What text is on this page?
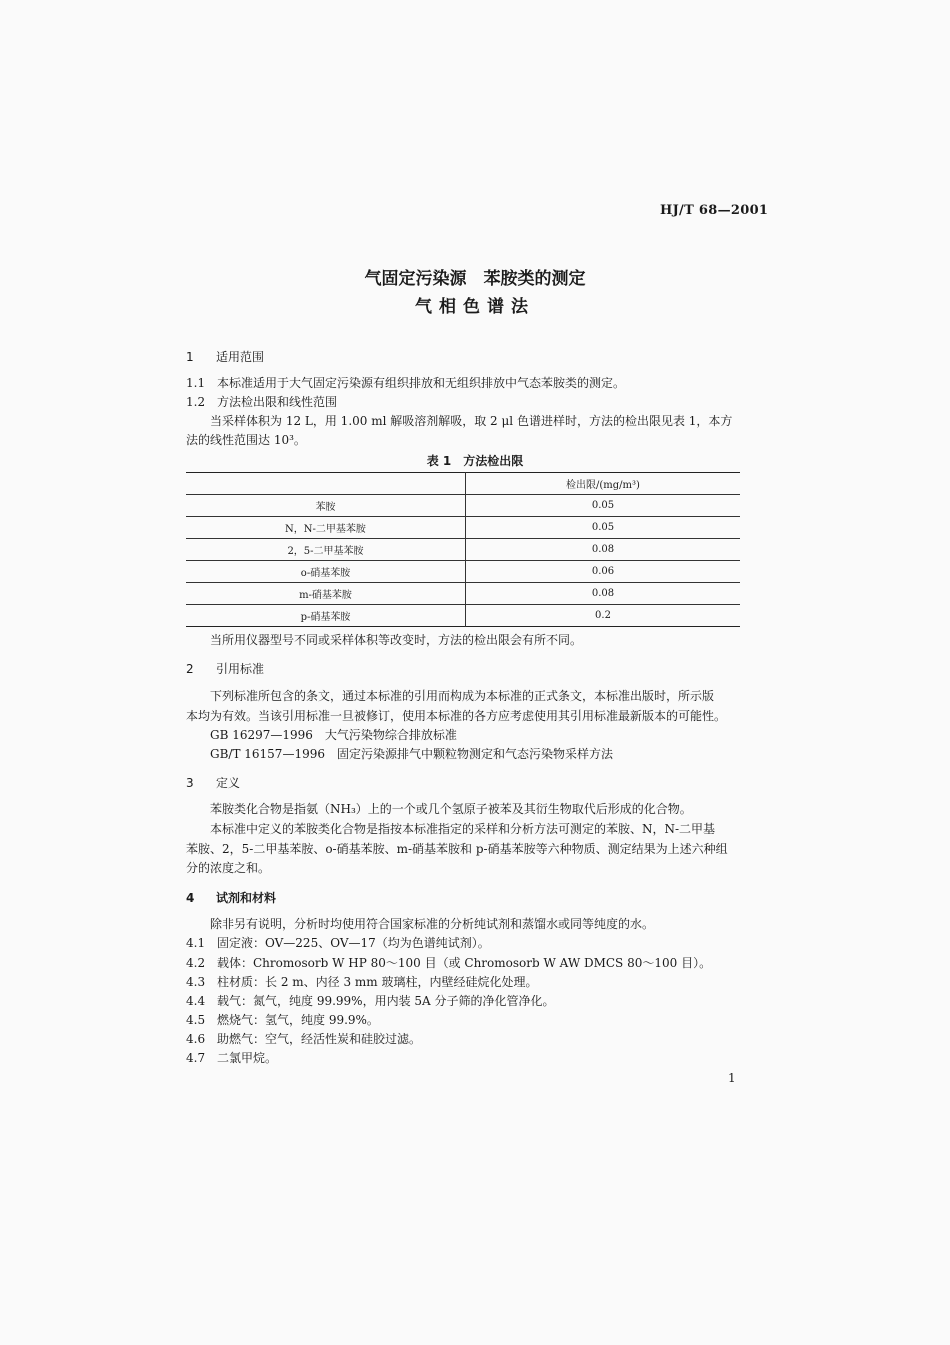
HJ/T 68—2001
气固定污染源　苯胺类的测定
气相色谱法
1 适用范围
1.1 本标准适用于大气固定污染源有组织排放和无组织排放中气态苯胺类的测定。
1.2 方法检出限和线性范围
当采样体积为 12 L，用 1.00 ml 解吸溶剂解吸，取 2 μl 色谱进样时，方法的检出限见表 1，本方
法的线性范围达 10³。
表 1　方法检出限
	检出限/(mg/m³)
苯胺	0.05
N，N-二甲基苯胺	0.05
2，5-二甲基苯胺	0.08
o-硝基苯胺	0.06
m-硝基苯胺	0.08
p-硝基苯胺	0.2
当所用仪器型号不同或采样体积等改变时，方法的检出限会有所不同。
2 引用标准
下列标准所包含的条文，通过本标准的引用而构成为本标准的正式条文，本标准出版时，所示版
本均为有效。当该引用标准一旦被修订，使用本标准的各方应考虑使用其引用标准最新版本的可能性。
GB 16297—1996　大气污染物综合排放标准
GB/T 16157—1996　固定污染源排气中颗粒物测定和气态污染物采样方法
3 定义
苯胺类化合物是指氨（NH₃）上的一个或几个氢原子被苯及其衍生物取代后形成的化合物。
本标准中定义的苯胺类化合物是指按本标准指定的采样和分析方法可测定的苯胺、N，N-二甲基
苯胺、2，5-二甲基苯胺、o-硝基苯胺、m-硝基苯胺和 p-硝基苯胺等六种物质、测定结果为上述六种组
分的浓度之和。
4 试剂和材料
除非另有说明，分析时均使用符合国家标准的分析纯试剂和蒸馏水或同等纯度的水。
4.1 固定液：OV—225、OV—17（均为色谱纯试剂）。
4.2 载体：Chromosorb W HP 80～100 目（或 Chromosorb W AW DMCS 80～100 目）。
4.3 柱材质：长 2 m、内径 3 mm 玻璃柱，内壁经硅烷化处理。
4.4 载气：氮气，纯度 99.99%，用内装 5A 分子筛的净化管净化。
4.5 燃烧气：氢气，纯度 99.9%。
4.6 助燃气：空气，经活性炭和硅胶过滤。
4.7 二氯甲烷。
1
